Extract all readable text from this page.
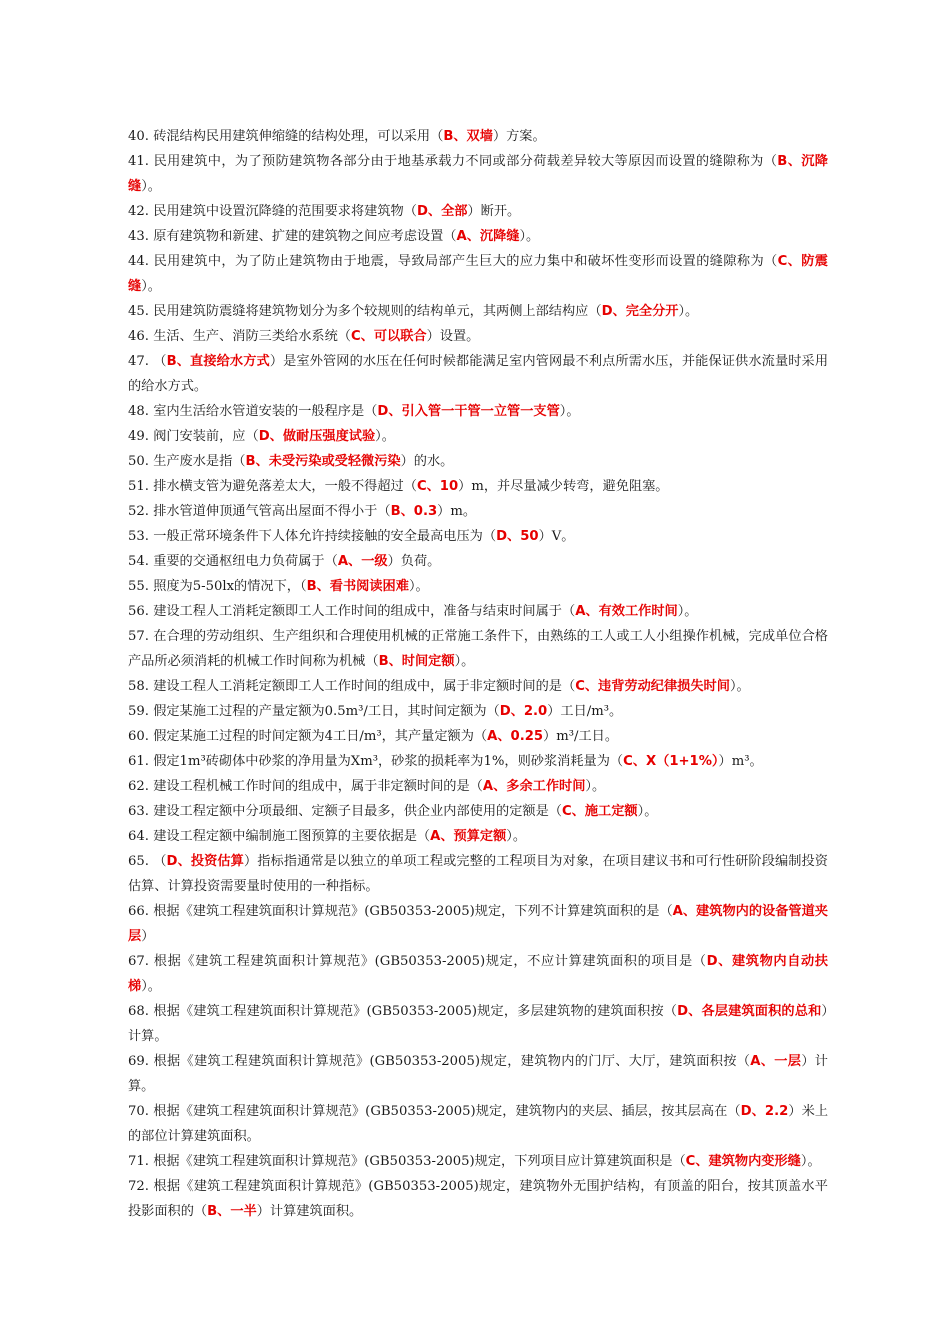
40. 砖混结构民用建筑伸缩缝的结构处理，可以采用（B、双墙）方案。

41. 民用建筑中，为了预防建筑物各部分由于地基承载力不同或部分荷载差异较大等原因而设置的缝隙称为（B、沉降缝）。

42. 民用建筑中设置沉降缝的范围要求将建筑物（D、全部）断开。

43. 原有建筑物和新建、扩建的建筑物之间应考虑设置（A、沉降缝）。

44. 民用建筑中，为了防止建筑物由于地震，导致局部产生巨大的应力集中和破坏性变形而设置的缝隙称为（C、防震缝）。

45. 民用建筑防震缝将建筑物划分为多个较规则的结构单元，其两侧上部结构应（D、完全分开）。

46. 生活、生产、消防三类给水系统（C、可以联合）设置。

47. （B、直接给水方式）是室外管网的水压在任何时候都能满足室内管网最不利点所需水压，并能保证供水流量时采用的给水方式。

48. 室内生活给水管道安装的一般程序是（D、引入管一干管一立管一支管）。

49. 阀门安装前，应（D、做耐压强度试验）。

50. 生产废水是指（B、未受污染或受轻微污染）的水。

51. 排水横支管为避免落差太大，一般不得超过（C、10）m，并尽量减少转弯，避免阻塞。

52. 排水管道伸顶通气管高出屋面不得小于（B、0.3）m。

53. 一般正常环境条件下人体允许持续接触的安全最高电压为（D、50）V。

54. 重要的交通枢纽电力负荷属于（A、一级）负荷。

55. 照度为5-50lx的情况下，（B、看书阅读困难）。

56. 建设工程人工消耗定额即工人工作时间的组成中，准备与结束时间属于（A、有效工作时间）。

57. 在合理的劳动组织、生产组织和合理使用机械的正常施工条件下，由熟练的工人或工人小组操作机械，完成单位合格产品所必须消耗的机械工作时间称为机械（B、时间定额）。

58. 建设工程人工消耗定额即工人工作时间的组成中，属于非定额时间的是（C、违背劳动纪律损失时间）。

59. 假定某施工过程的产量定额为0.5m³/工日，其时间定额为（D、2.0）工日/m³。

60. 假定某施工过程的时间定额为4工日/m³，其产量定额为（A、0.25）m³/工日。

61. 假定1m³砖砌体中砂浆的净用量为Xm³，砂浆的损耗率为1%，则砂浆消耗量为（C、X（1+1%））m³。

62. 建设工程机械工作时间的组成中，属于非定额时间的是（A、多余工作时间）。

63. 建设工程定额中分项最细、定额子目最多，供企业内部使用的定额是（C、施工定额）。

64. 建设工程定额中编制施工图预算的主要依据是（A、预算定额）。

65. （D、投资估算）指标指通常是以独立的单项工程或完整的工程项目为对象，在项目建议书和可行性研阶段编制投资估算、计算投资需要量时使用的一种指标。

66. 根据《建筑工程建筑面积计算规范》(GB50353-2005)规定，下列不计算建筑面积的是（A、建筑物内的设备管道夹层）

67. 根据《建筑工程建筑面积计算规范》(GB50353-2005)规定，不应计算建筑面积的项目是（D、建筑物内自动扶梯）。

68. 根据《建筑工程建筑面积计算规范》(GB50353-2005)规定，多层建筑物的建筑面积按（D、各层建筑面积的总和）计算。

69. 根据《建筑工程建筑面积计算规范》(GB50353-2005)规定，建筑物内的门厅、大厅，建筑面积按（A、一层）计算。

70. 根据《建筑工程建筑面积计算规范》(GB50353-2005)规定，建筑物内的夹层、插层，按其层高在（D、2.2）米上的部位计算建筑面积。

71. 根据《建筑工程建筑面积计算规范》(GB50353-2005)规定，下列项目应计算建筑面积是（C、建筑物内变形缝）。

72. 根据《建筑工程建筑面积计算规范》(GB50353-2005)规定，建筑物外无围护结构，有顶盖的阳台，按其顶盖水平投影面积的（B、一半）计算建筑面积。
